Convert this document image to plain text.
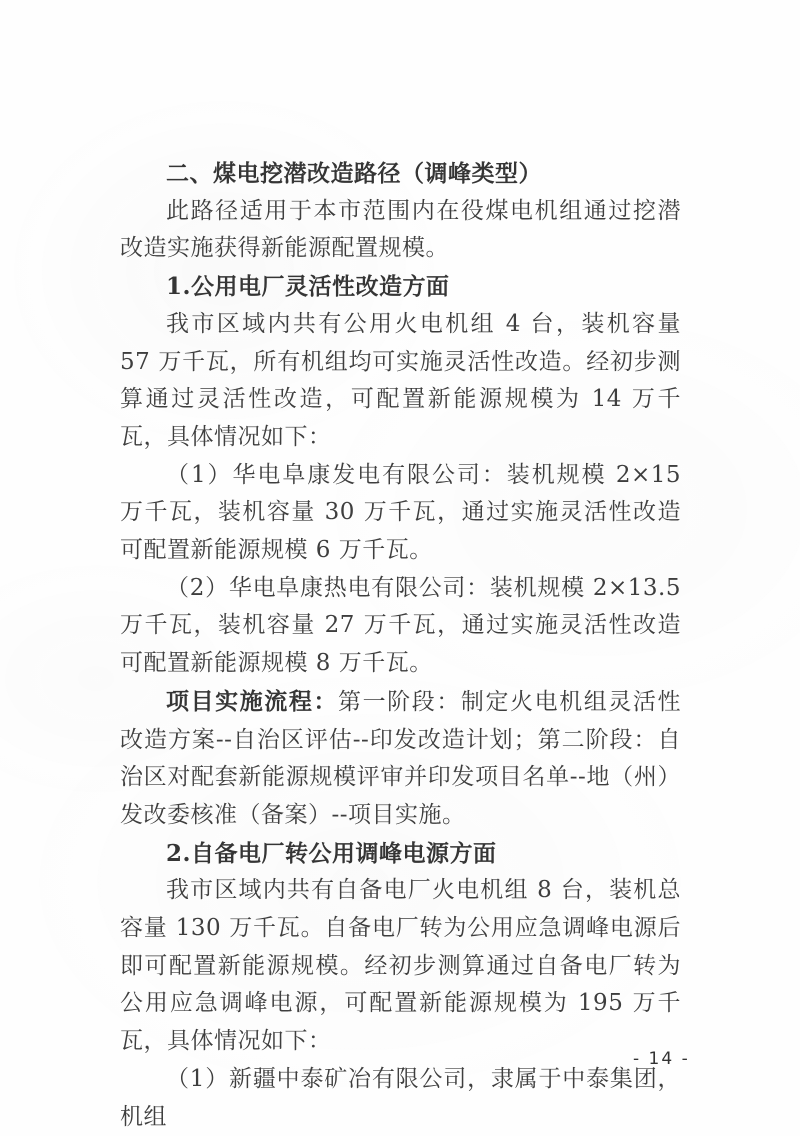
二、煤电挖潜改造路径（调峰类型）

此路径适用于本市范围内在役煤电机组通过挖潜改造实施获得新能源配置规模。

1.公用电厂灵活性改造方面

我市区域内共有公用火电机组 4 台，装机容量 57 万千瓦，所有机组均可实施灵活性改造。经初步测算通过灵活性改造，可配置新能源规模为 14 万千瓦，具体情况如下：

（1）华电阜康发电有限公司：装机规模 2×15 万千瓦，装机容量 30 万千瓦，通过实施灵活性改造可配置新能源规模 6 万千瓦。

（2）华电阜康热电有限公司：装机规模 2×13.5 万千瓦，装机容量 27 万千瓦，通过实施灵活性改造可配置新能源规模 8 万千瓦。

项目实施流程：第一阶段：制定火电机组灵活性改造方案--自治区评估--印发改造计划；第二阶段：自治区对配套新能源规模评审并印发项目名单--地（州）发改委核准（备案）--项目实施。

2.自备电厂转公用调峰电源方面

我市区域内共有自备电厂火电机组 8 台，装机总容量 130 万千瓦。自备电厂转为公用应急调峰电源后即可配置新能源规模。经初步测算通过自备电厂转为公用应急调峰电源，可配置新能源规模为 195 万千瓦，具体情况如下：

（1）新疆中泰矿冶有限公司，隶属于中泰集团，机组

- 14 -
